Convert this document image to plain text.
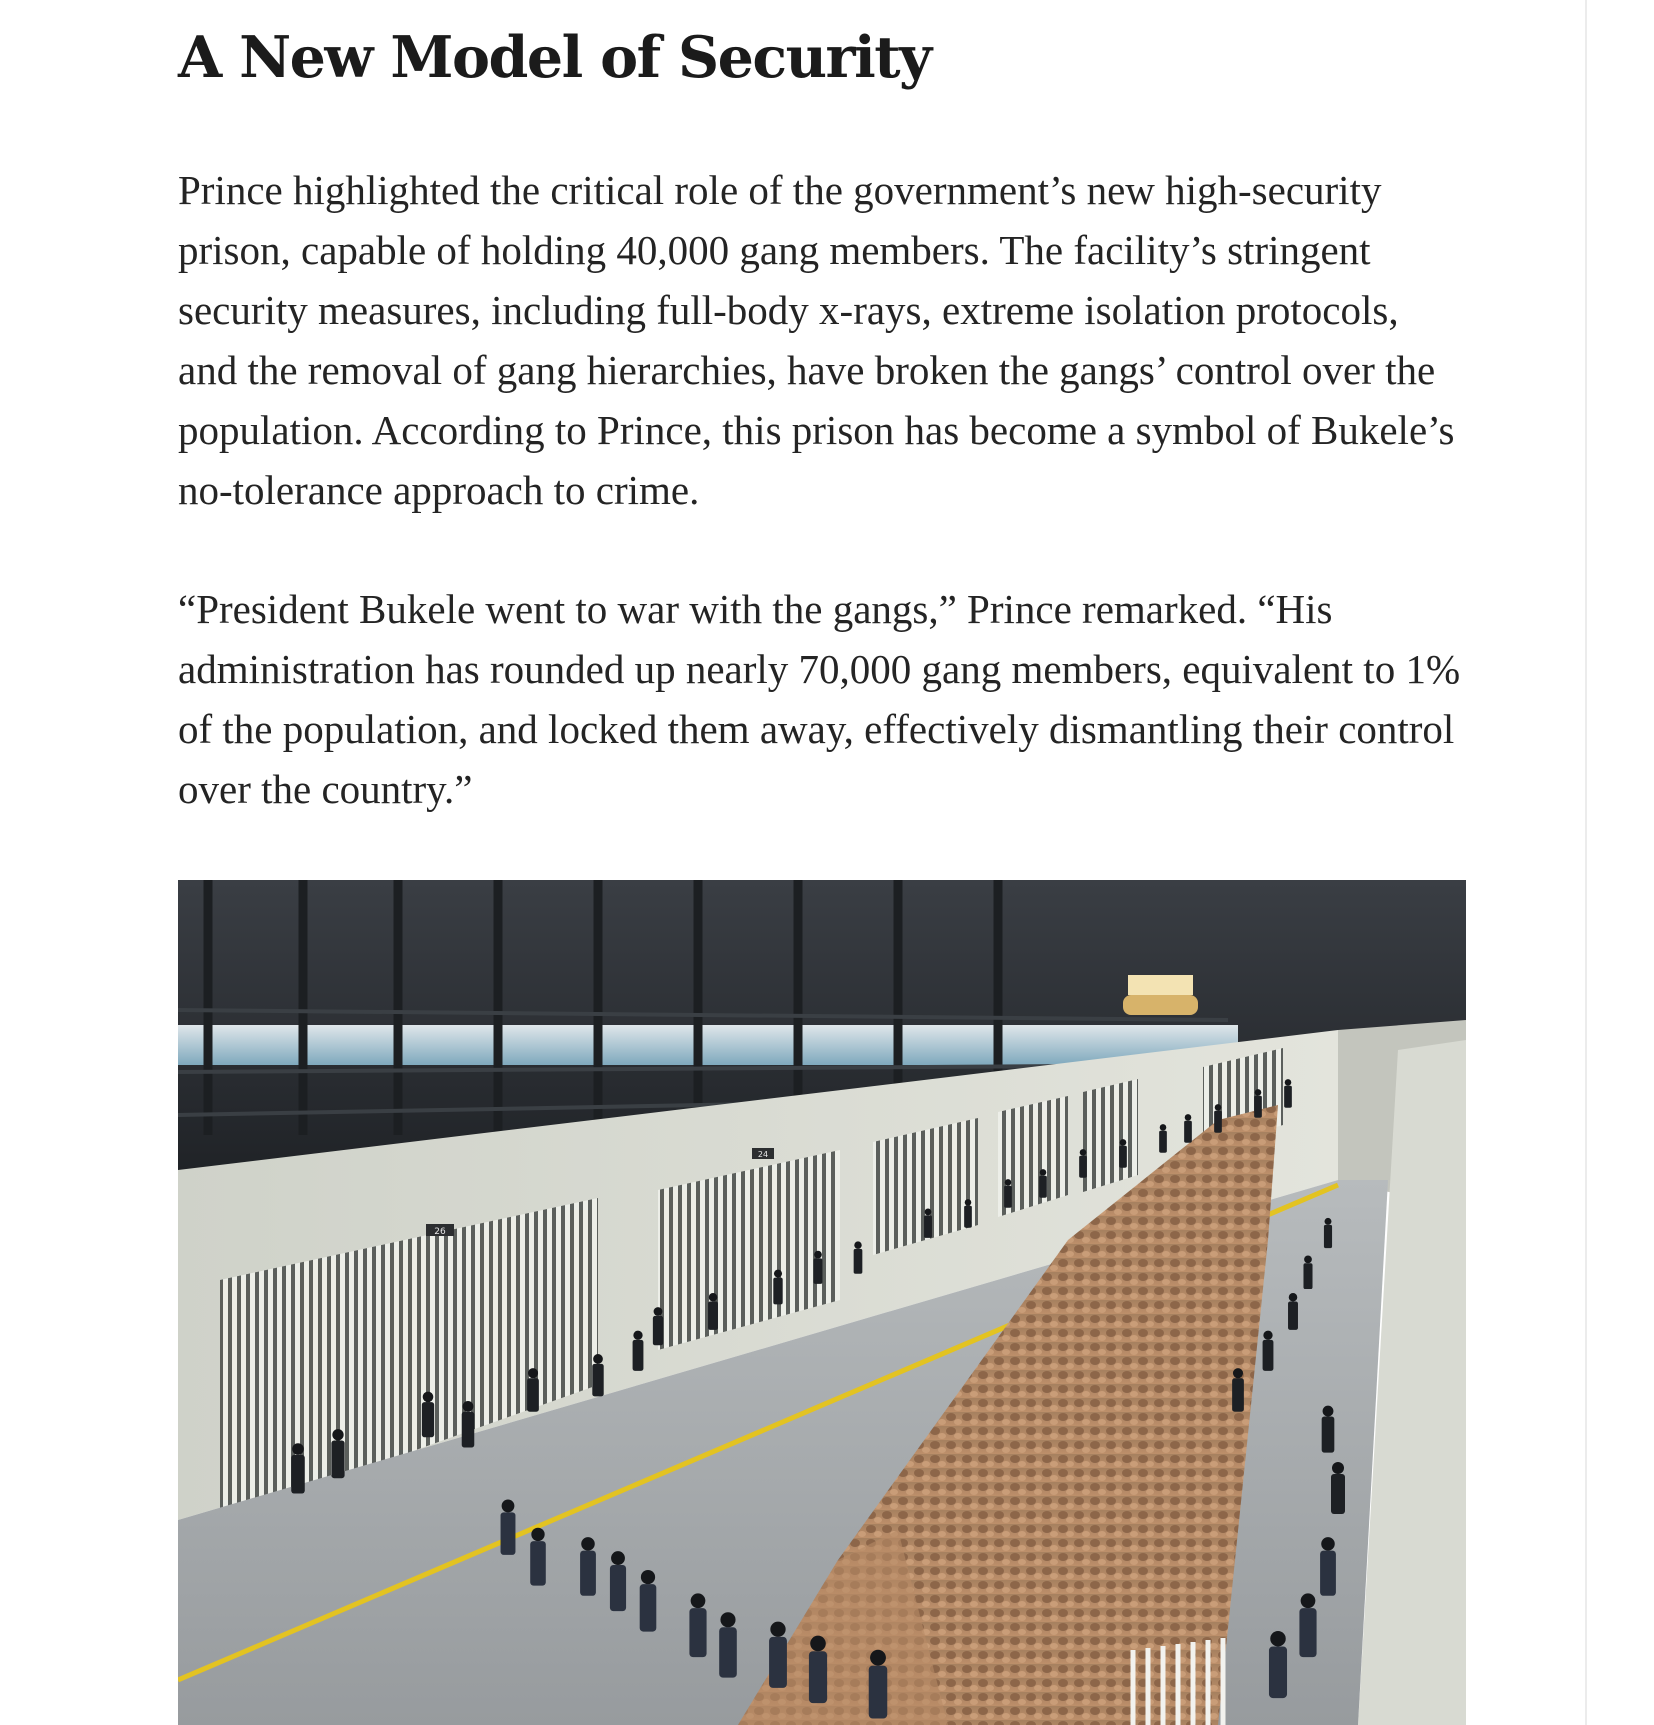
A New Model of Security

Prince highlighted the critical role of the government’s new high-security prison, capable of holding 40,000 gang members. The facility’s stringent security measures, including full-body x-rays, extreme isolation protocols, and the removal of gang hierarchies, have broken the gangs’ control over the population. According to Prince, this prison has become a symbol of Bukele’s no-tolerance approach to crime.

“President Bukele went to war with the gangs,” Prince remarked. “His administration has rounded up nearly 70,000 gang members, equivalent to 1% of the population, and locked them away, effectively dismantling their control over the country.”

26
24
